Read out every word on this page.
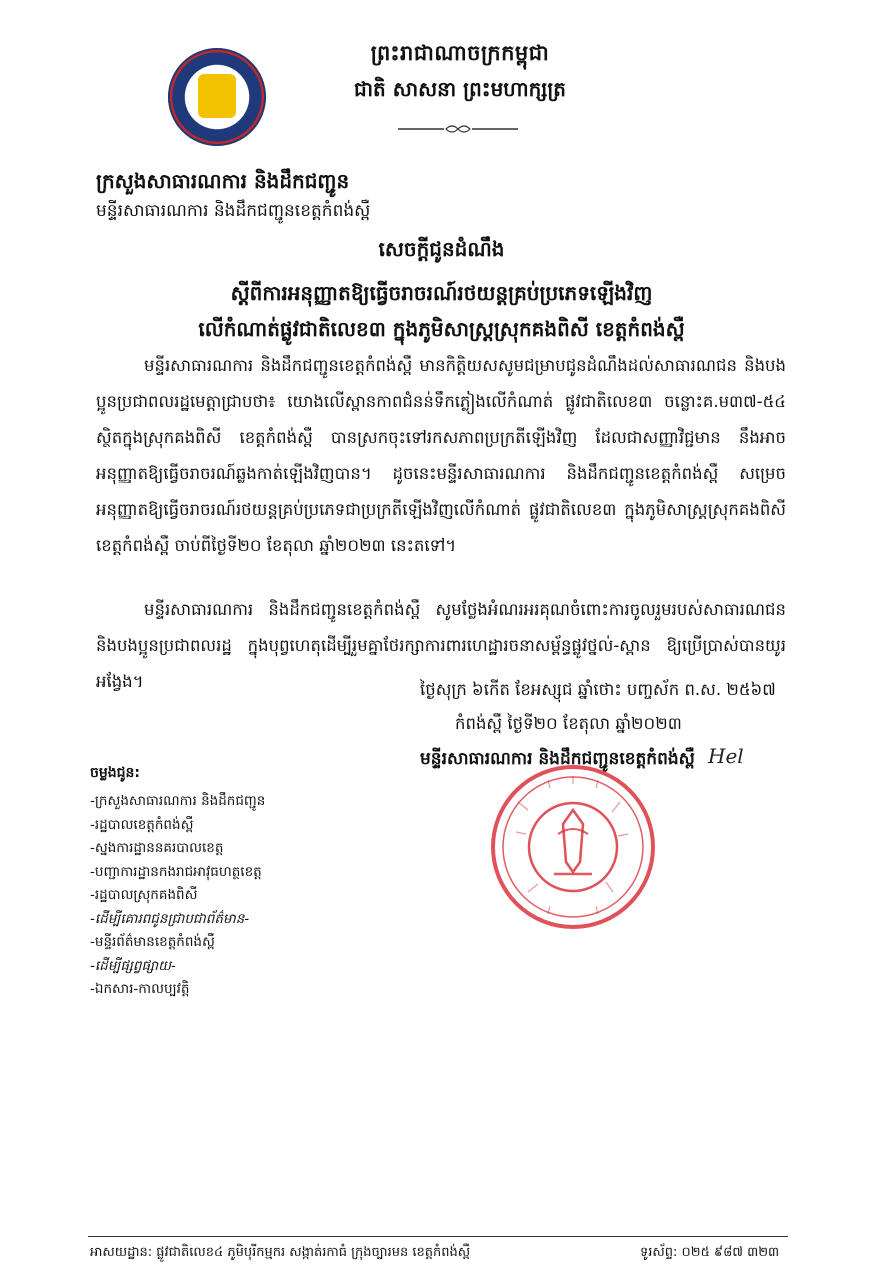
ព្រះរាជាណាចក្រកម្ពុជា
ជាតិ សាសនា ព្រះមហាក្សត្រ
ក្រសួងសាធារណការ និងដឹកជញ្ជូន
មន្ទីរសាធារណការ និងដឹកជញ្ជូនខេត្តកំពង់ស្ពឺ
សេចក្តីជូនដំណឹង
ស្តីពីការអនុញ្ញាតឱ្យធ្វើចរាចរណ៍រថយន្តគ្រប់ប្រភេទឡើងវិញ
លើកំណាត់ផ្លូវជាតិលេខ៣ ក្នុងភូមិសាស្ត្រស្រុកគងពិសី ខេត្តកំពង់ស្ពឺ
មន្ទីរសាធារណការ និងដឹកជញ្ជូនខេត្តកំពង់ស្ពឺ មានកិត្តិយសសូមជម្រាបជូនដំណឹងដល់សាធារណជន និងបងប្អូនប្រជាពលរដ្ឋមេត្តាជ្រាបថា៖ យោងលើស្ពានកាពជំនន់ទឹកភ្លៀងលើកំណាត់ ផ្លូវជាតិលេខ៣ ចន្លោះគ.ម៣៧-៥៤ ស្ថិតក្នុងស្រុកគងពិសី ខេត្តកំពង់ស្ពឺ បានស្រកចុះទៅរកសភាពប្រក្រតីឡើងវិញ ដែលជាសញ្ញាវិជ្ជមាន នឹងអាចអនុញ្ញាតឱ្យធ្វើចរាចរណ៍ឆ្លងកាត់ឡើងវិញបាន។ ដូចនេះមន្ទីរសាធារណការ និងដឹកជញ្ជូនខេត្តកំពង់ស្ពឺ សម្រេចអនុញ្ញាតឱ្យធ្វើចរាចរណ៍រថយន្តគ្រប់ប្រភេទជាប្រក្រតីឡើងវិញលើកំណាត់ ផ្លូវជាតិលេខ៣ ក្នុងភូមិសាស្ត្រស្រុកគងពិសី ខេត្តកំពង់ស្ពឺ ចាប់ពីថ្ងៃទី២០ ខែតុលា ឆ្នាំ២០២៣ នេះតទៅ។
មន្ទីរសាធារណការ និងដឹកជញ្ជូនខេត្តកំពង់ស្ពឺ សូមថ្លែងអំណរអរគុណចំពោះការចូលរួមរបស់សាធារណជន និងបងប្អូនប្រជាពលរដ្ឋ ក្នុងបុព្វហេតុដើម្បីរួមគ្នាថែរក្សាការពារហេដ្ឋារចនាសម្ព័ន្ធផ្លូវថ្នល់-ស្ពាន ឱ្យប្រើប្រាស់បានយូរអង្វែង។	ថ្ងៃសុក្រ ៦កើត ខែអស្សុជ ឆ្នាំថោះ បញ្ចស័ក ព.ស. ២៥៦៧
កំពង់ស្ពឺ ថ្ងៃទី២០ ខែតុលា ឆ្នាំ២០២៣
មន្ទីរសាធារណការ និងដឹកជញ្ជូនខេត្តកំពង់ស្ពឺ Hel
ចម្លងជូន:
-ក្រសួងសាធារណការ និងដឹកជញ្ជូន
-រដ្ឋបាលខេត្តកំពង់ស្ពឺ
-ស្នងការដ្ឋាននគរបាលខេត្ត
-បញ្ជាការដ្ឋានកងរាជអាវុធហត្ថខេត្ត
-រដ្ឋបាលស្រុកគងពិសី
-ដើម្បីគោរពជូនជ្រាបជាព័ត៌មាន-
-មន្ទីរព័ត៌មានខេត្តកំពង់ស្ពឺ
-ដើម្បីផ្សព្វផ្សាយ-
-ឯកសារ-កាលប្បវត្តិ
អាសយដ្ឋាន: ផ្លូវជាតិលេខ៤ ភូមិបុរីកម្មករ សង្កាត់រកាធំ ក្រុងច្បារមន ខេត្តកំពង់ស្ពឺ	ទូរស័ព្ទ: ០២៥ ៩៨៧ ៣២៣
